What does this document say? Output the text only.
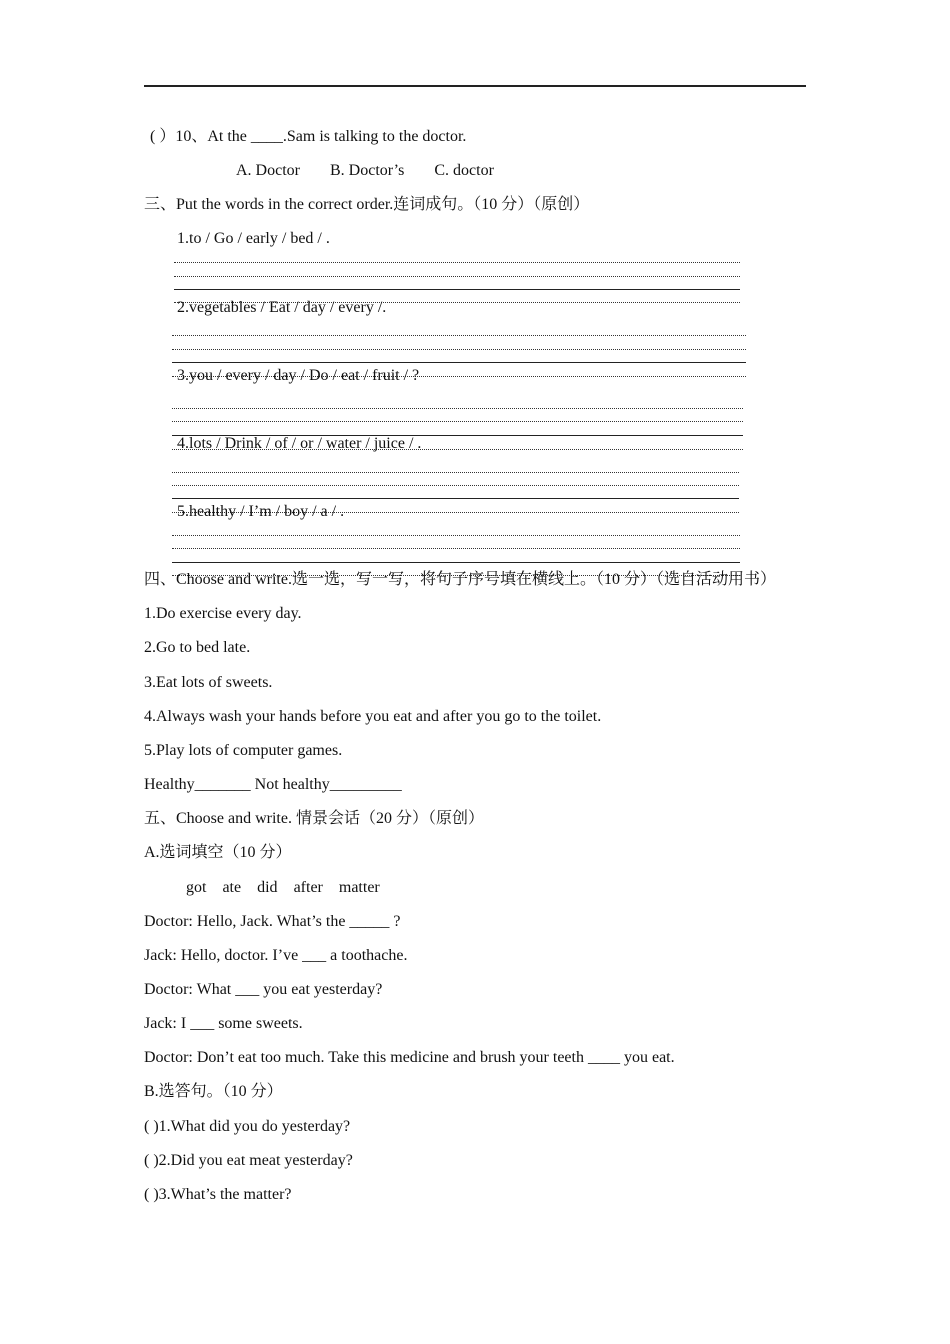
( ）10、At the ____.Sam is talking to the doctor.
A. Doctor B. Doctor’s C. doctor
三、Put the words in the correct order.连词成句。（10 分）（原创）
1.to / Go / early / bed / .
2.vegetables / Eat / day / every /.
3.you / every / day / Do / eat / fruit / ?
4.lots / Drink / of / or / water / juice / .
5.healthy / I’m / boy / a / .
四、Choose and write.选一选，写一写，将句子序号填在横线上。（10 分）（选自活动用书）
1.Do exercise every day.
2.Go to bed late.
3.Eat lots of sweets.
4.Always wash your hands before you eat and after you go to the toilet.
5.Play lots of computer games.
Healthy_______ Not healthy_________
五、Choose and write. 情景会话（20 分）（原创）
A.选词填空（10 分）
got ate did after matter
Doctor: Hello, Jack. What’s the _____ ?
Jack: Hello, doctor. I’ve ___ a toothache.
Doctor: What ___ you eat yesterday?
Jack: I ___ some sweets.
Doctor: Don’t eat too much. Take this medicine and brush your teeth ____ you eat.
B.选答句。（10 分）
( )1.What did you do yesterday?
( )2.Did you eat meat yesterday?
( )3.What’s the matter?
